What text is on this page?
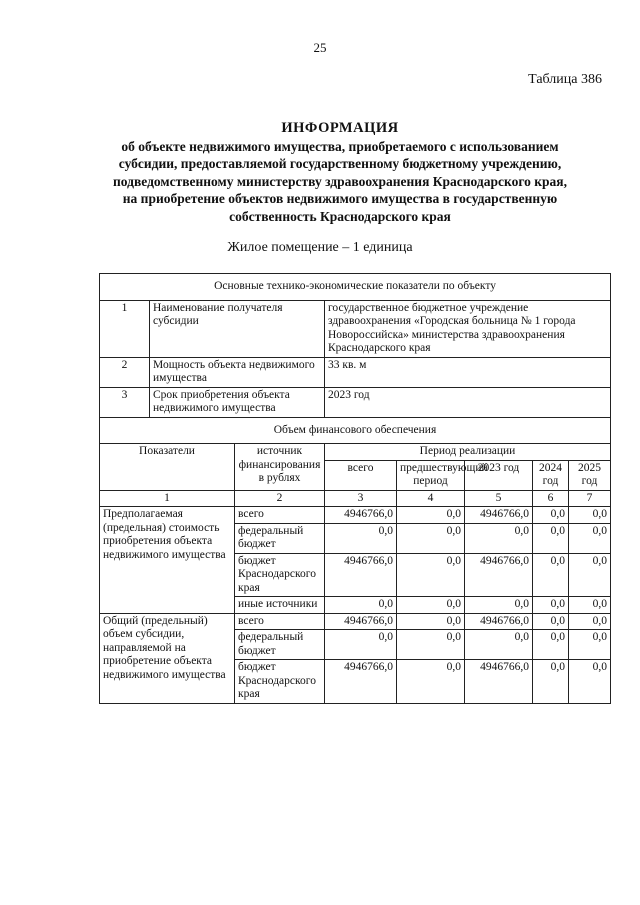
25
Таблица 386
ИНФОРМАЦИЯ
об объекте недвижимого имущества, приобретаемого с использованием
субсидии, предоставляемой государственному бюджетному учреждению,
подведомственному министерству здравоохранения Краснодарского края,
на приобретение объектов недвижимого имущества в государственную
собственность Краснодарского края
Жилое помещение – 1 единица
Основные технико-экономические показатели по объекту							
1	Наименование получателя субсидии		государственное бюджетное учреждение здравоохранения «Городская больница № 1 города Новороссийска» министерства здравоохранения Краснодарского края				
2	Мощность объекта недвижимого имущества		33 кв. м				
3	Срок приобретения объекта недвижимого имущества		2023 год				
Объем финансового обеспечения							
Показатели		источник финансирования в рублях	Период реализации				
			всего	предшествующий период	2023 год	2024 год	2025 год
1		2	3	4	5	6	7
Предполагаемая (предельная) стоимость приобретения объекта недвижимого имущества		всего	4946766,0	0,0	4946766,0	0,0	0,0
		федеральный бюджет	0,0	0,0	0,0	0,0	0,0
		бюджет Краснодарского края	4946766,0	0,0	4946766,0	0,0	0,0
		иные источники	0,0	0,0	0,0	0,0	0,0
Общий (предельный) объем субсидии, направляемой на приобретение объекта недвижимого имущества		всего	4946766,0	0,0	4946766,0	0,0	0,0
		федеральный бюджет	0,0	0,0	0,0	0,0	0,0
		бюджет Краснодарского края	4946766,0	0,0	4946766,0	0,0	0,0
